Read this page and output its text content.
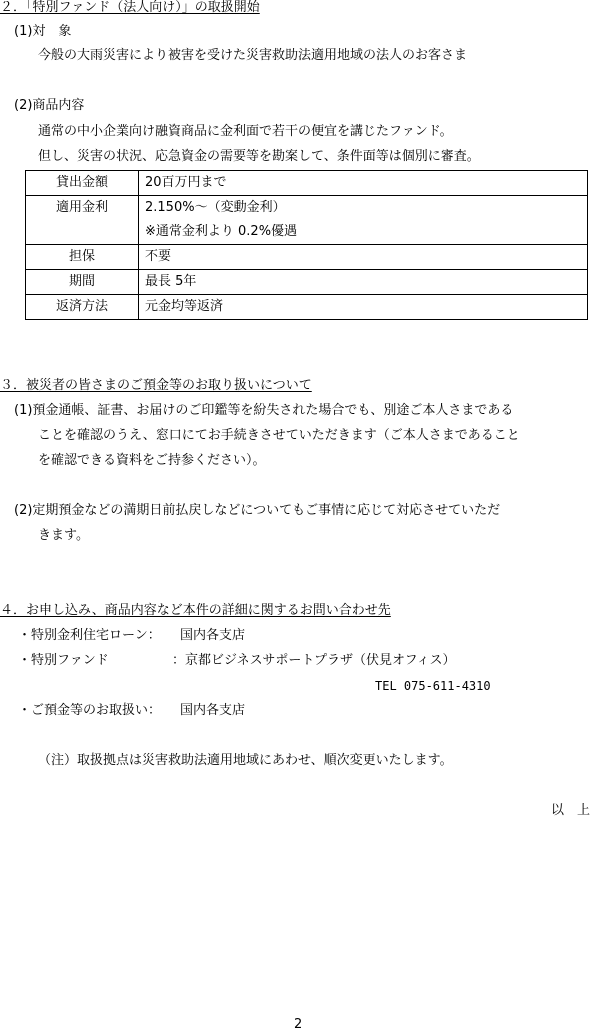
２．「特別ファンド（法人向け）」の取扱開始
(1)対　象
今般の大雨災害により被害を受けた災害救助法適用地域の法人のお客さま
(2)商品内容
通常の中小企業向け融資商品に金利面で若干の便宜を講じたファンド。
但し、災害の状況、応急資金の需要等を勘案して、条件面等は個別に審査。
貸出金額	20百万円まで
適用金利	2.150%～（変動金利）
※通常金利より 0.2%優遇

担保	不要
期間	最長 5年
返済方法	元金均等返済
３．被災者の皆さまのご預金等のお取り扱いについて
(1)預金通帳、証書、お届けのご印鑑等を紛失された場合でも、別途ご本人さまである
ことを確認のうえ、窓口にてお手続きさせていただきます（ご本人さまであること
を確認できる資料をご持参ください）。
(2)定期預金などの満期日前払戻しなどについてもご事情に応じて対応させていただ
きます。
４．お申し込み、商品内容など本件の詳細に関するお問い合わせ先
・特別金利住宅ローン： 国内各支店
・特別ファンド	：京都ビジネスサポートプラザ（伏見オフィス）
TEL 075-611-4310
・ご預金等のお取扱い： 国内各支店
（注）取扱拠点は災害救助法適用地域にあわせ、順次変更いたします。
以　上
2
